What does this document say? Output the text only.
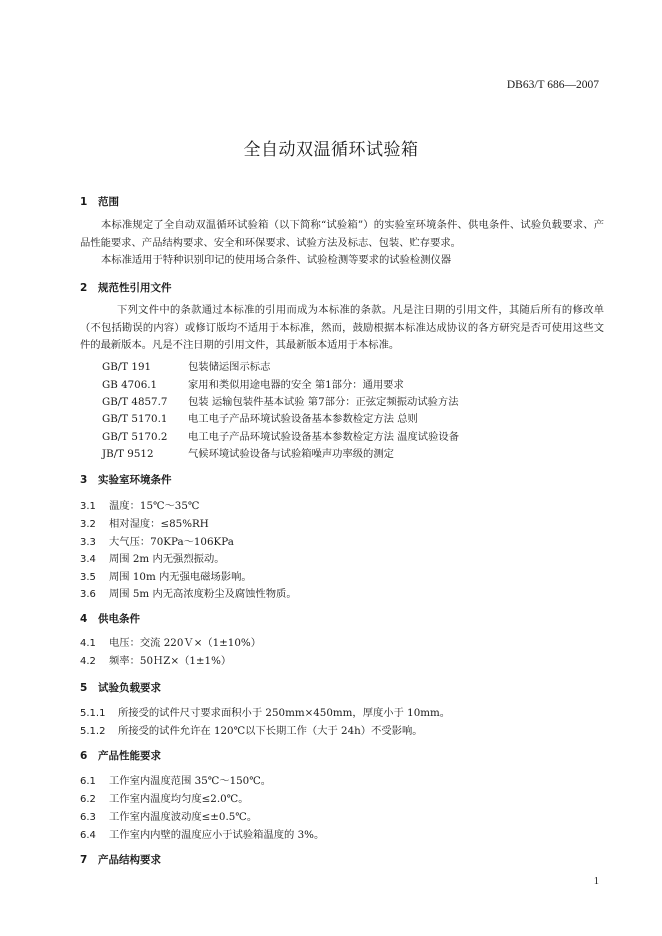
DB63/T 686—2007
全自动双温循环试验箱
1 范围
本标准规定了全自动双温循环试验箱（以下简称“试验箱”）的实验室环境条件、供电条件、试验负载要求、产品性能要求、产品结构要求、安全和环保要求、试验方法及标志、包装、贮存要求。
本标准适用于特种识别印记的使用场合条件、试验检测等要求的试验检测仪器
2 规范性引用文件
下列文件中的条款通过本标准的引用而成为本标准的条款。凡是注日期的引用文件，其随后所有的修改单（不包括勘误的内容）或修订版均不适用于本标准，然而，鼓励根据本标准达成协议的各方研究是否可使用这些文件的最新版本。凡是不注日期的引用文件，其最新版本适用于本标准。
GB/T 191	包装储运图示标志
GB 4706.1	家用和类似用途电器的安全 第1部分：通用要求
GB/T 4857.7 包装 运输包装件基本试验 第7部分：正弦定频振动试验方法
GB/T 5170.1 电工电子产品环境试验设备基本参数检定方法 总则
GB/T 5170.2 电工电子产品环境试验设备基本参数检定方法 温度试验设备
JB/T 9512	气候环境试验设备与试验箱噪声功率级的测定
3 实验室环境条件
3.1 温度：15℃～35℃
3.2 相对湿度：≤85%RH
3.3 大气压：70KPa～106KPa
3.4 周围 2m 内无强烈振动。
3.5 周围 10m 内无强电磁场影响。
3.6 周围 5m 内无高浓度粉尘及腐蚀性物质。
4 供电条件
4.1 电压：交流 220Ｖ×（1±10%）
4.2 频率：50ＨZ×（1±1%）
5 试验负载要求
5.1.1 所接受的试件尺寸要求面积小于 250mm×450mm，厚度小于 10mm。
5.1.2 所接受的试件允许在 120℃以下长期工作（大于 24h）不受影响。
6 产品性能要求
6.1 工作室内温度范围 35℃～150℃。
6.2 工作室内温度均匀度≤2.0℃。
6.3 工作室内温度波动度≤±0.5℃。
6.4 工作室内内壁的温度应小于试验箱温度的 3%。
7 产品结构要求
1
